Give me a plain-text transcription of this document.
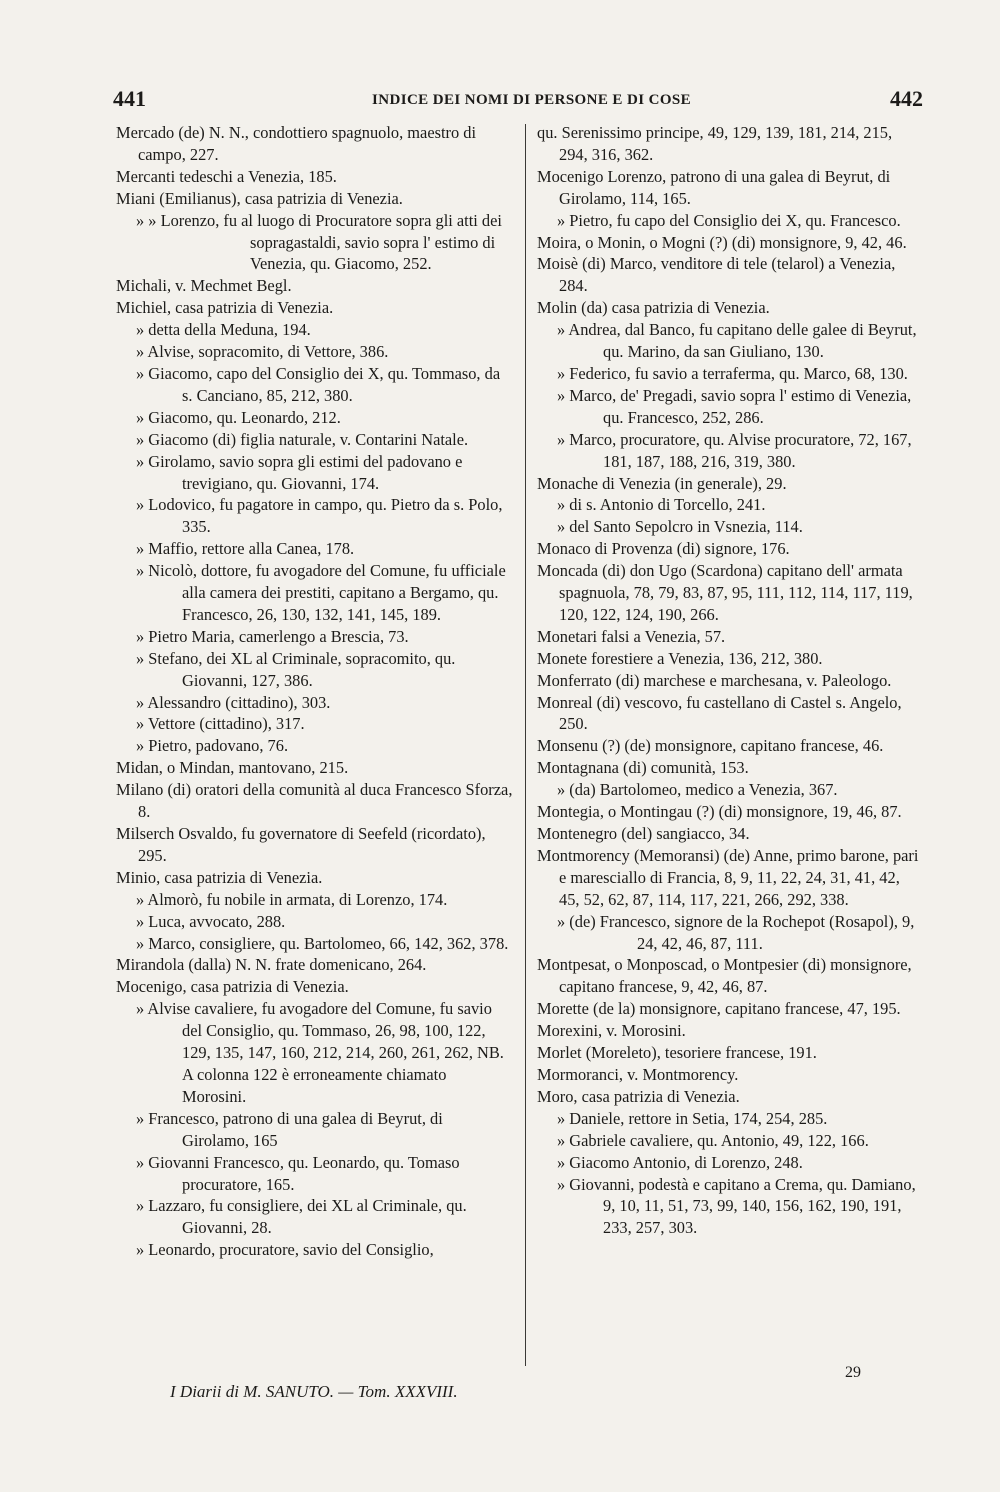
441	INDICE DEI NOMI DI PERSONE E DI COSE	442

Mercado (de) N. N., condottiero spagnuolo, maestro di campo, 227.

Mercanti tedeschi a Venezia, 185.

Miani (Emilianus), casa patrizia di Venezia.

» » Lorenzo, fu al luogo di Procuratore sopra gli atti dei sopragastaldi, savio sopra l' estimo di Venezia, qu. Giacomo, 252.

Michali, v. Mechmet Begl.

Michiel, casa patrizia di Venezia.

» detta della Meduna, 194.

» Alvise, sopracomito, di Vettore, 386.

» Giacomo, capo del Consiglio dei X, qu. Tommaso, da s. Canciano, 85, 212, 380.

» Giacomo, qu. Leonardo, 212.

» Giacomo (di) figlia naturale, v. Contarini Natale.

» Girolamo, savio sopra gli estimi del padovano e trevigiano, qu. Giovanni, 174.

» Lodovico, fu pagatore in campo, qu. Pietro da s. Polo, 335.

» Maffio, rettore alla Canea, 178.

» Nicolò, dottore, fu avogadore del Comune, fu ufficiale alla camera dei prestiti, capitano a Bergamo, qu. Francesco, 26, 130, 132, 141, 145, 189.

» Pietro Maria, camerlengo a Brescia, 73.

» Stefano, dei XL al Criminale, sopracomito, qu. Giovanni, 127, 386.

» Alessandro (cittadino), 303.

» Vettore (cittadino), 317.

» Pietro, padovano, 76.

Midan, o Mindan, mantovano, 215.

Milano (di) oratori della comunità al duca Francesco Sforza, 8.

Milserch Osvaldo, fu governatore di Seefeld (ricordato), 295.

Minio, casa patrizia di Venezia.

» Almorò, fu nobile in armata, di Lorenzo, 174.

» Luca, avvocato, 288.

» Marco, consigliere, qu. Bartolomeo, 66, 142, 362, 378.

Mirandola (dalla) N. N. frate domenicano, 264.

Mocenigo, casa patrizia di Venezia.

» Alvise cavaliere, fu avogadore del Comune, fu savio del Consiglio, qu. Tommaso, 26, 98, 100, 122, 129, 135, 147, 160, 212, 214, 260, 261, 262, NB. A colonna 122 è erroneamente chiamato Morosini.

» Francesco, patrono di una galea di Beyrut, di Girolamo, 165

» Giovanni Francesco, qu. Leonardo, qu. Tomaso procuratore, 165.

» Lazzaro, fu consigliere, dei XL al Criminale, qu. Giovanni, 28.

» Leonardo, procuratore, savio del Consiglio,

qu. Serenissimo principe, 49, 129, 139, 181, 214, 215, 294, 316, 362.

Mocenigo Lorenzo, patrono di una galea di Beyrut, di Girolamo, 114, 165.

» Pietro, fu capo del Consiglio dei X, qu. Francesco.

Moira, o Monin, o Mogni (?) (di) monsignore, 9, 42, 46.

Moisè (di) Marco, venditore di tele (telarol) a Venezia, 284.

Molin (da) casa patrizia di Venezia.

» Andrea, dal Banco, fu capitano delle galee di Beyrut, qu. Marino, da san Giuliano, 130.

» Federico, fu savio a terraferma, qu. Marco, 68, 130.

» Marco, de' Pregadi, savio sopra l' estimo di Venezia, qu. Francesco, 252, 286.

» Marco, procuratore, qu. Alvise procuratore, 72, 167, 181, 187, 188, 216, 319, 380.

Monache di Venezia (in generale), 29.

» di s. Antonio di Torcello, 241.

» del Santo Sepolcro in Vsnezia, 114.

Monaco di Provenza (di) signore, 176.

Moncada (di) don Ugo (Scardona) capitano dell' armata spagnuola, 78, 79, 83, 87, 95, 111, 112, 114, 117, 119, 120, 122, 124, 190, 266.

Monetari falsi a Venezia, 57.

Monete forestiere a Venezia, 136, 212, 380.

Monferrato (di) marchese e marchesana, v. Paleologo.

Monreal (di) vescovo, fu castellano di Castel s. Angelo, 250.

Monsenu (?) (de) monsignore, capitano francese, 46.

Montagnana (di) comunità, 153.

» (da) Bartolomeo, medico a Venezia, 367.

Montegia, o Montingau (?) (di) monsignore, 19, 46, 87.

Montenegro (del) sangiacco, 34.

Montmorency (Memoransi) (de) Anne, primo barone, pari e maresciallo di Francia, 8, 9, 11, 22, 24, 31, 41, 42, 45, 52, 62, 87, 114, 117, 221, 266, 292, 338.

» (de) Francesco, signore de la Rochepot (Rosapol), 9, 24, 42, 46, 87, 111.

Montpesat, o Monposcad, o Montpesier (di) monsignore, capitano francese, 9, 42, 46, 87.

Morette (de la) monsignore, capitano francese, 47, 195.

Morexini, v. Morosini.

Morlet (Moreleto), tesoriere francese, 191.

Mormoranci, v. Montmorency.

Moro, casa patrizia di Venezia.

» Daniele, rettore in Setia, 174, 254, 285.

» Gabriele cavaliere, qu. Antonio, 49, 122, 166.

» Giacomo Antonio, di Lorenzo, 248.

» Giovanni, podestà e capitano a Crema, qu. Damiano, 9, 10, 11, 51, 73, 99, 140, 156, 162, 190, 191, 233, 257, 303.

I Diarii di M. SANUTO. — Tom. XXXVIII.
29
